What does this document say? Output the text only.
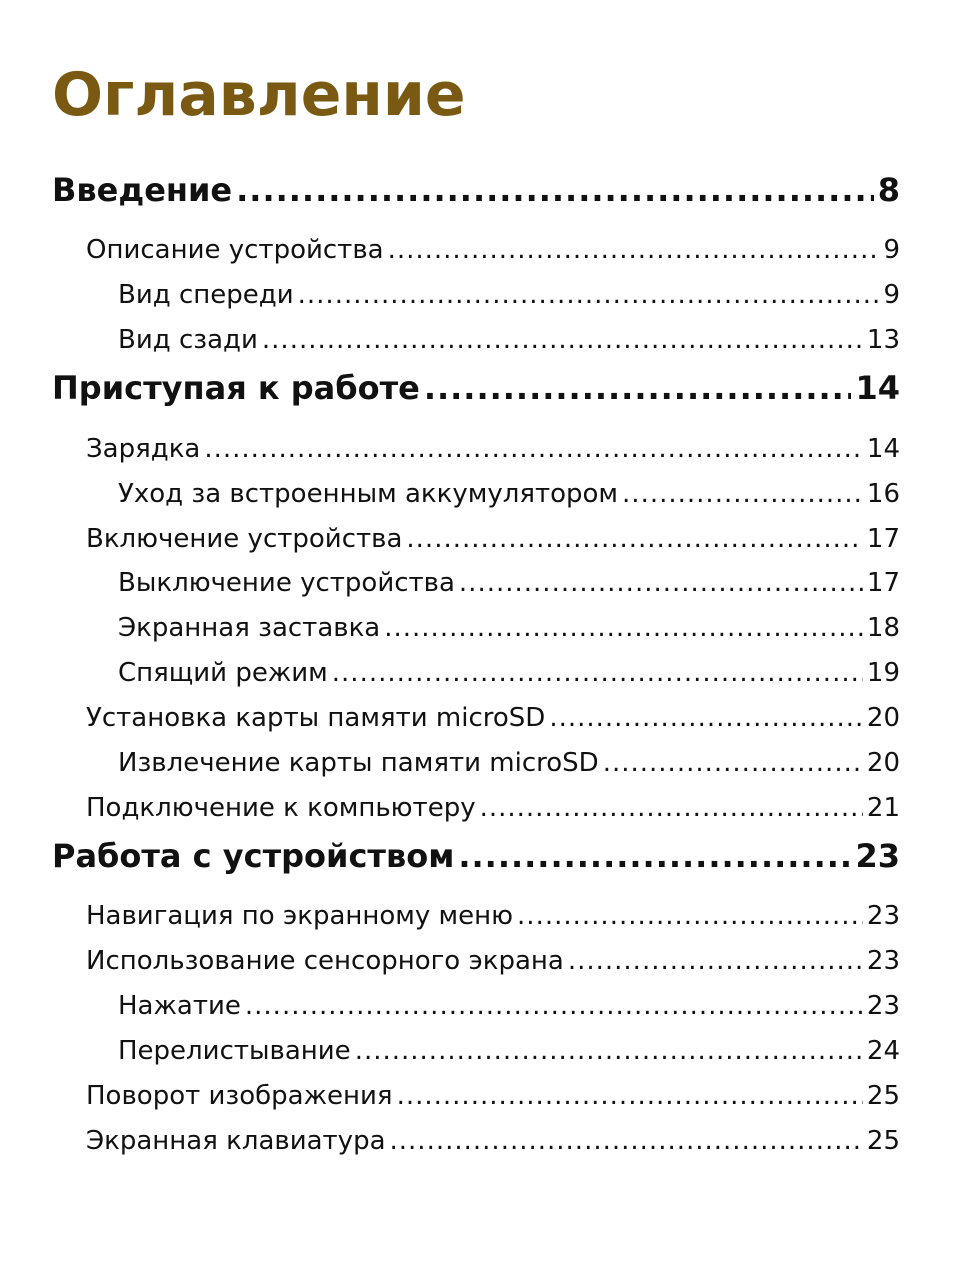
Оглавление
Введение .....	8
Описание устройства .....	9
Вид спереди .....	9
Вид сзади .....	13
Приступая к работе .....	14
Зарядка .....	14
Уход за встроенным аккумулятором .....	16
Включение устройства .....	17
Выключение устройства .....	17
Экранная заставка .....	18
Спящий режим .....	19
Установка карты памяти microSD .....	20
Извлечение карты памяти microSD .....	20
Подключение к компьютеру .....	21
Работа с устройством .....	23
Навигация по экранному меню .....	23
Использование сенсорного экрана .....	23
Нажатие .....	23
Перелистывание .....	24
Поворот изображения .....	25
Экранная клавиатура .....	25
